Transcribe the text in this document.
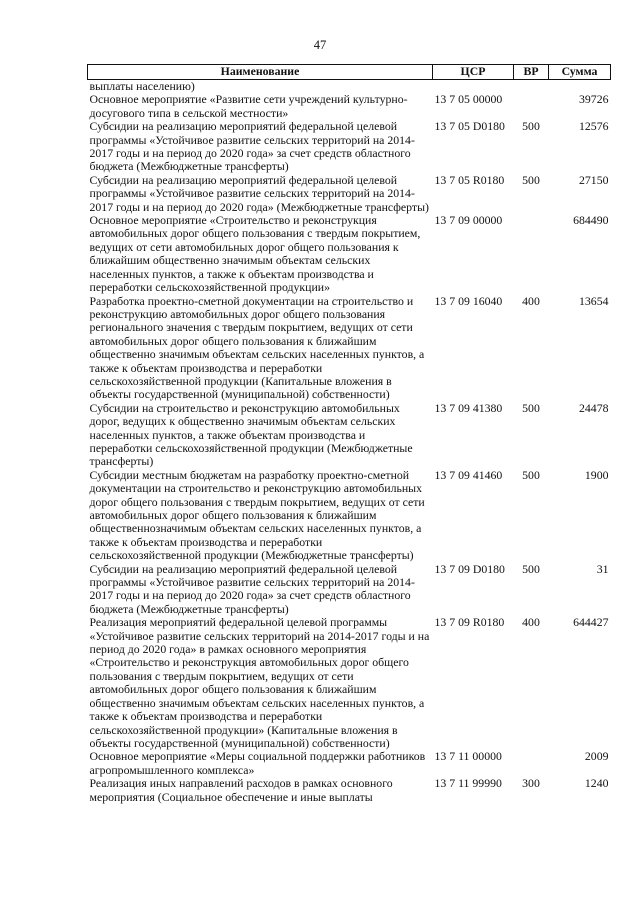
47
Наименование	ЦСР	ВР	Сумма
выплаты населению)			
Основное мероприятие «Развитие сети учреждений культурно-досугового типа в сельской местности»	13 7 05 00000		39726
Субсидии на реализацию мероприятий федеральной целевой программы «Устойчивое развитие сельских территорий на 2014-2017 годы и на период до 2020 года» за счет средств областного бюджета (Межбюджетные трансферты)	13 7 05 D0180	500	12576
Субсидии на реализацию мероприятий федеральной целевой программы «Устойчивое развитие сельских территорий на 2014-2017 годы и на период до 2020 года» (Межбюджетные трансферты)	13 7 05 R0180	500	27150
Основное мероприятие «Строительство и реконструкция автомобильных дорог общего пользования с твердым покрытием, ведущих от сети автомобильных дорог общего пользования к ближайшим общественно значимым объектам сельских населенных пунктов, а также к объектам производства и переработки сельскохозяйственной продукции»	13 7 09 00000		684490
Разработка проектно-сметной документации на строительство и реконструкцию автомобильных дорог общего пользования регионального значения с твердым покрытием, ведущих от сети автомобильных дорог общего пользования к ближайшим общественно значимым объектам сельских населенных пунктов, а также к объектам производства и переработки сельскохозяйственной продукции (Капитальные вложения в объекты государственной (муниципальной) собственности)	13 7 09 16040	400	13654
Субсидии на строительство и реконструкцию автомобильных дорог, ведущих к общественно значимым объектам сельских населенных пунктов, а также объектам производства и переработки сельскохозяйственной продукции (Межбюджетные трансферты)	13 7 09 41380	500	24478
Субсидии местным бюджетам на разработку проектно-сметной документации на строительство и реконструкцию автомобильных дорог общего пользования с твердым покрытием, ведущих от сети автомобильных дорог общего пользования к ближайшим общественнозначимым объектам сельских населенных пунктов, а также к объектам производства и переработки сельскохозяйственной продукции (Межбюджетные трансферты)	13 7 09 41460	500	1900
Субсидии на реализацию мероприятий федеральной целевой программы «Устойчивое развитие сельских территорий на 2014-2017 годы и на период до 2020 года» за счет средств областного бюджета (Межбюджетные трансферты)	13 7 09 D0180	500	31
Реализация мероприятий федеральной целевой программы «Устойчивое развитие сельских территорий на 2014-2017 годы и на период до 2020 года» в рамках основного мероприятия «Строительство и реконструкция автомобильных дорог общего пользования с твердым покрытием, ведущих от сети автомобильных дорог общего пользования к ближайшим общественно значимым объектам сельских населенных пунктов, а также к объектам производства и переработки сельскохозяйственной продукции» (Капитальные вложения в объекты государственной (муниципальной) собственности)	13 7 09 R0180	400	644427
Основное мероприятие «Меры социальной поддержки работников агропромышленного комплекса»	13 7 11 00000		2009
Реализация иных направлений расходов в рамках основного мероприятия (Социальное обеспечение и иные выплаты	13 7 11 99990	300	1240
